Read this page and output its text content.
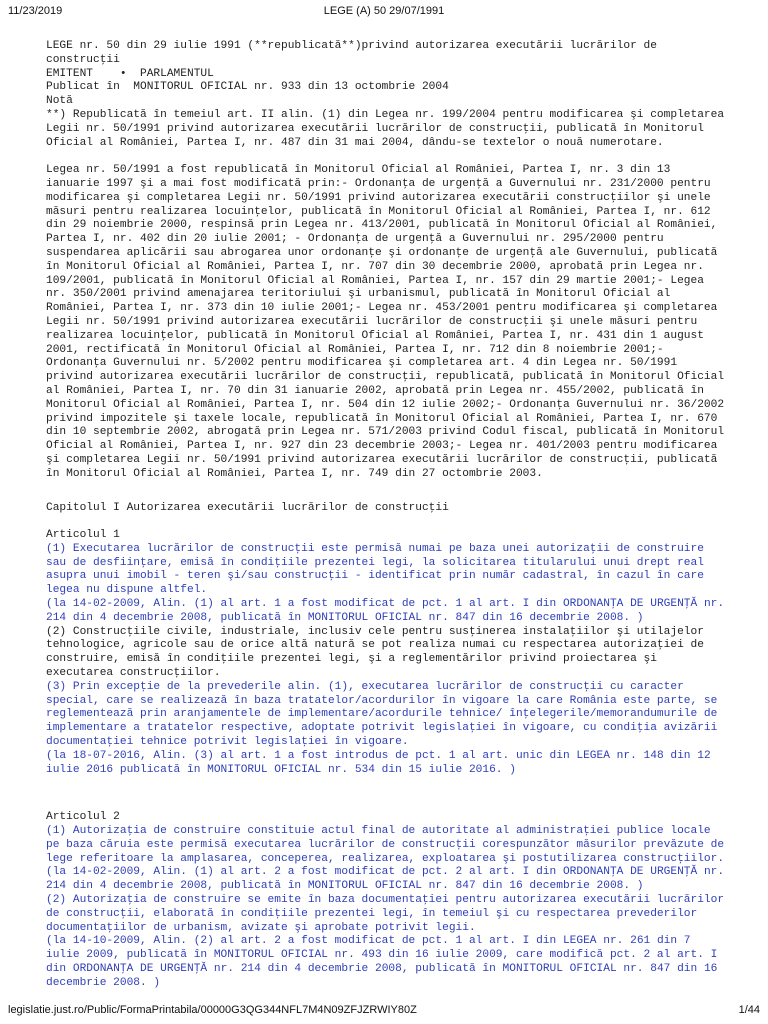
11/23/2019	LEGE (A) 50 29/07/1991

LEGE nr. 50 din 29 iulie 1991 (**republicată**)privind autorizarea executării lucrărilor de construcţii

EMITENT    •  PARLAMENTUL

Publicat în  MONITORUL OFICIAL nr. 933 din 13 octombrie 2004

Notă

**) Republicată în temeiul art. II alin. (1) din Legea nr. 199/2004 pentru modificarea şi completarea Legii nr. 50/1991 privind autorizarea executării lucrărilor de construcţii, publicată în Monitorul Oficial al României, Partea I, nr. 487 din 31 mai 2004, dându-se textelor o nouă numerotare.

Legea nr. 50/1991 a fost republicată în Monitorul Oficial al României, Partea I, nr. 3 din 13 ianuarie 1997 şi a mai fost modificată prin:- Ordonanţa de urgenţă a Guvernului nr. 231/2000 pentru modificarea şi completarea Legii nr. 50/1991 privind autorizarea executării construcţiilor şi unele măsuri pentru realizarea locuinţelor, publicată în Monitorul Oficial al României, Partea I, nr. 612 din 29 noiembrie 2000, respinsă prin Legea nr. 413/2001, publicată în Monitorul Oficial al României, Partea I, nr. 402 din 20 iulie 2001; - Ordonanţa de urgenţă a Guvernului nr. 295/2000 pentru suspendarea aplicării sau abrogarea unor ordonanţe şi ordonanţe de urgenţă ale Guvernului, publicată în Monitorul Oficial al României, Partea I, nr. 707 din 30 decembrie 2000, aprobată prin Legea nr. 109/2001, publicată în Monitorul Oficial al României, Partea I, nr. 157 din 29 martie 2001;- Legea nr. 350/2001 privind amenajarea teritoriului şi urbanismul, publicată în Monitorul Oficial al României, Partea I, nr. 373 din 10 iulie 2001;- Legea nr. 453/2001 pentru modificarea şi completarea Legii nr. 50/1991 privind autorizarea executării lucrărilor de construcţii şi unele măsuri pentru realizarea locuinţelor, publicată în Monitorul Oficial al României, Partea I, nr. 431 din 1 august 2001, rectificată în Monitorul Oficial al României, Partea I, nr. 712 din 8 noiembrie 2001;- Ordonanţa Guvernului nr. 5/2002 pentru modificarea şi completarea art. 4 din Legea nr. 50/1991 privind autorizarea executării lucrărilor de construcţii, republicată, publicată în Monitorul Oficial al României, Partea I, nr. 70 din 31 ianuarie 2002, aprobată prin Legea nr. 455/2002, publicată în Monitorul Oficial al României, Partea I, nr. 504 din 12 iulie 2002;- Ordonanţa Guvernului nr. 36/2002 privind impozitele şi taxele locale, republicată în Monitorul Oficial al României, Partea I, nr. 670 din 10 septembrie 2002, abrogată prin Legea nr. 571/2003 privind Codul fiscal, publicată în Monitorul Oficial al României, Partea I, nr. 927 din 23 decembrie 2003;- Legea nr. 401/2003 pentru modificarea şi completarea Legii nr. 50/1991 privind autorizarea executării lucrărilor de construcţii, publicată în Monitorul Oficial al României, Partea I, nr. 749 din 27 octombrie 2003.

Capitolul I Autorizarea executării lucrărilor de construcţii

Articolul 1

(1) Executarea lucrărilor de construcţii este permisă numai pe baza unei autorizaţii de construire sau de desfiinţare, emisă în condiţiile prezentei legi, la solicitarea titularului unui drept real asupra unui imobil - teren şi/sau construcţii - identificat prin număr cadastral, în cazul în care legea nu dispune altfel.

(la 14-02-2009, Alin. (1) al art. 1 a fost modificat de pct. 1 al art. I din ORDONANŢA DE URGENŢĂ nr. 214 din 4 decembrie 2008, publicată în MONITORUL OFICIAL nr. 847 din 16 decembrie 2008. )

(2) Construcţiile civile, industriale, inclusiv cele pentru susţinerea instalaţiilor şi utilajelor tehnologice, agricole sau de orice altă natură se pot realiza numai cu respectarea autorizaţiei de construire, emisă în condiţiile prezentei legi, şi a reglementărilor privind proiectarea şi executarea construcţiilor.

(3) Prin excepţie de la prevederile alin. (1), executarea lucrărilor de construcţii cu caracter special, care se realizează în baza tratatelor/acordurilor în vigoare la care România este parte, se reglementează prin aranjamentele de implementare/acordurile tehnice/ înţelegerile/memorandumurile de implementare a tratatelor respective, adoptate potrivit legislaţiei în vigoare, cu condiţia avizării documentaţiei tehnice potrivit legislaţiei în vigoare.

(la 18-07-2016, Alin. (3) al art. 1 a fost introdus de pct. 1 al art. unic din LEGEA nr. 148 din 12 iulie 2016 publicată în MONITORUL OFICIAL nr. 534 din 15 iulie 2016. )

Articolul 2

(1) Autorizaţia de construire constituie actul final de autoritate al administraţiei publice locale pe baza căruia este permisă executarea lucrărilor de construcţii corespunzător măsurilor prevăzute de lege referitoare la amplasarea, conceperea, realizarea, exploatarea şi postutilizarea construcţiilor.

(la 14-02-2009, Alin. (1) al art. 2 a fost modificat de pct. 2 al art. I din ORDONANŢA DE URGENŢĂ nr. 214 din 4 decembrie 2008, publicată în MONITORUL OFICIAL nr. 847 din 16 decembrie 2008. )

(2) Autorizaţia de construire se emite în baza documentaţiei pentru autorizarea executării lucrărilor de construcţii, elaborată în condiţiile prezentei legi, în temeiul şi cu respectarea prevederilor documentaţiilor de urbanism, avizate şi aprobate potrivit legii.

(la 14-10-2009, Alin. (2) al art. 2 a fost modificat de pct. 1 al art. I din LEGEA nr. 261 din 7 iulie 2009, publicată în MONITORUL OFICIAL nr. 493 din 16 iulie 2009, care modifică pct. 2 al art. I din ORDONANŢA DE URGENŢĂ nr. 214 din 4 decembrie 2008, publicată în MONITORUL OFICIAL nr. 847 din 16 decembrie 2008. )

legislatie.just.ro/Public/FormaPrintabila/00000G3QG344NFL7M4N09ZFJZRWIY80Z	1/44
